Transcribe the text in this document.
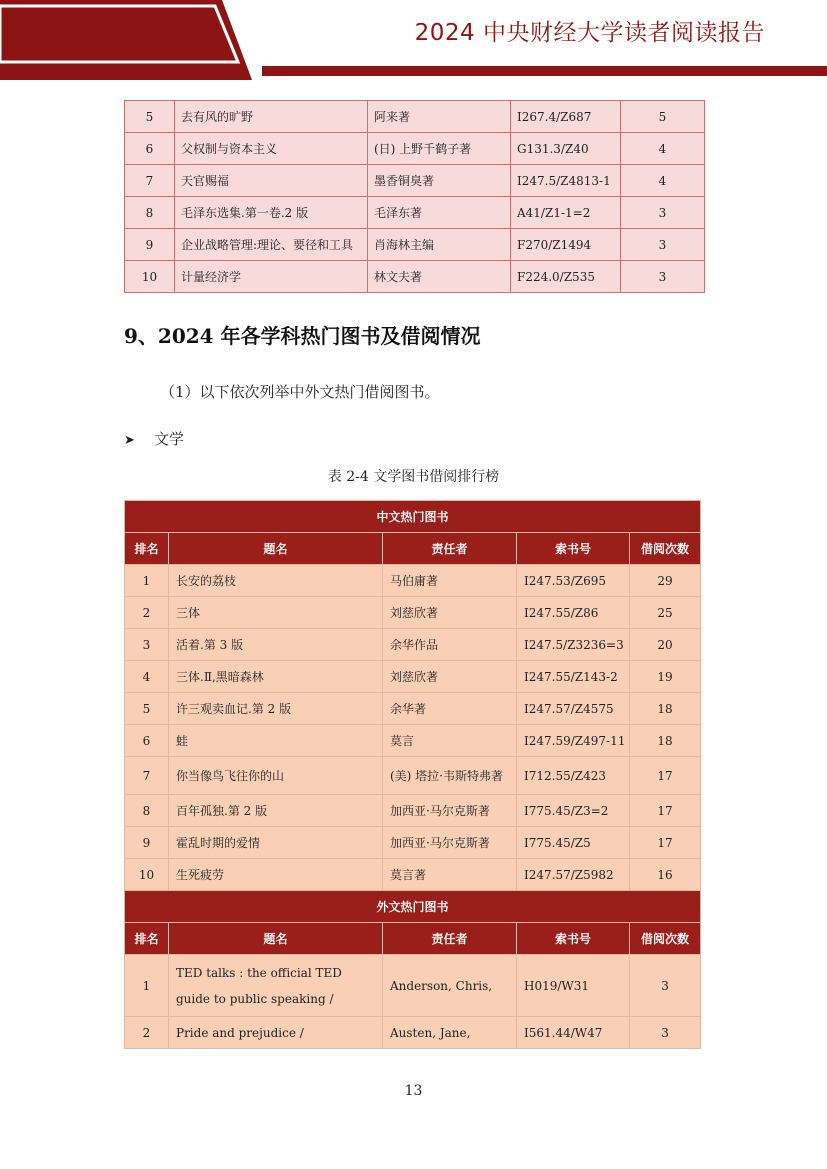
2024 中央财经大学读者阅读报告
5	去有风的旷野	阿来著	I267.4/Z687	5
6	父权制与资本主义	(日) 上野千鹤子著	G131.3/Z40	4
7	天官赐福	墨香铜臭著	I247.5/Z4813-1	4
8	毛泽东选集.第一卷.2 版	毛泽东著	A41/Z1-1=2	3
9	企业战略管理:理论、要径和工具	肖海林主编	F270/Z1494	3
10	计量经济学	林文夫著	F224.0/Z535	3
9、2024 年各学科热门图书及借阅情况
（1）以下依次列举中外文热门借阅图书。
➤ 文学
表 2-4 文学图书借阅排行榜
中文热门图书				
排名	题名	责任者	索书号	借阅次数
1	长安的荔枝	马伯庸著	I247.53/Z695	29
2	三体	刘慈欣著	I247.55/Z86	25
3	活着.第 3 版	余华作品	I247.5/Z3236=3	20
4	三体.Ⅱ,黑暗森林	刘慈欣著	I247.55/Z143-2	19
5	许三观卖血记.第 2 版	余华著	I247.57/Z4575	18
6	蛙	莫言	I247.59/Z497-11	18
7	你当像鸟飞往你的山	(美) 塔拉·韦斯特弗著	I712.55/Z423	17
8	百年孤独.第 2 版	加西亚·马尔克斯著	I775.45/Z3=2	17
9	霍乱时期的爱情	加西亚·马尔克斯著	I775.45/Z5	17
10	生死疲劳	莫言著	I247.57/Z5982	16
外文热门图书				
排名	题名	责任者	索书号	借阅次数
1	TED talks : the official TED guide to public speaking /	Anderson, Chris,	H019/W31	3
2	Pride and prejudice /	Austen, Jane,	I561.44/W47	3
13
